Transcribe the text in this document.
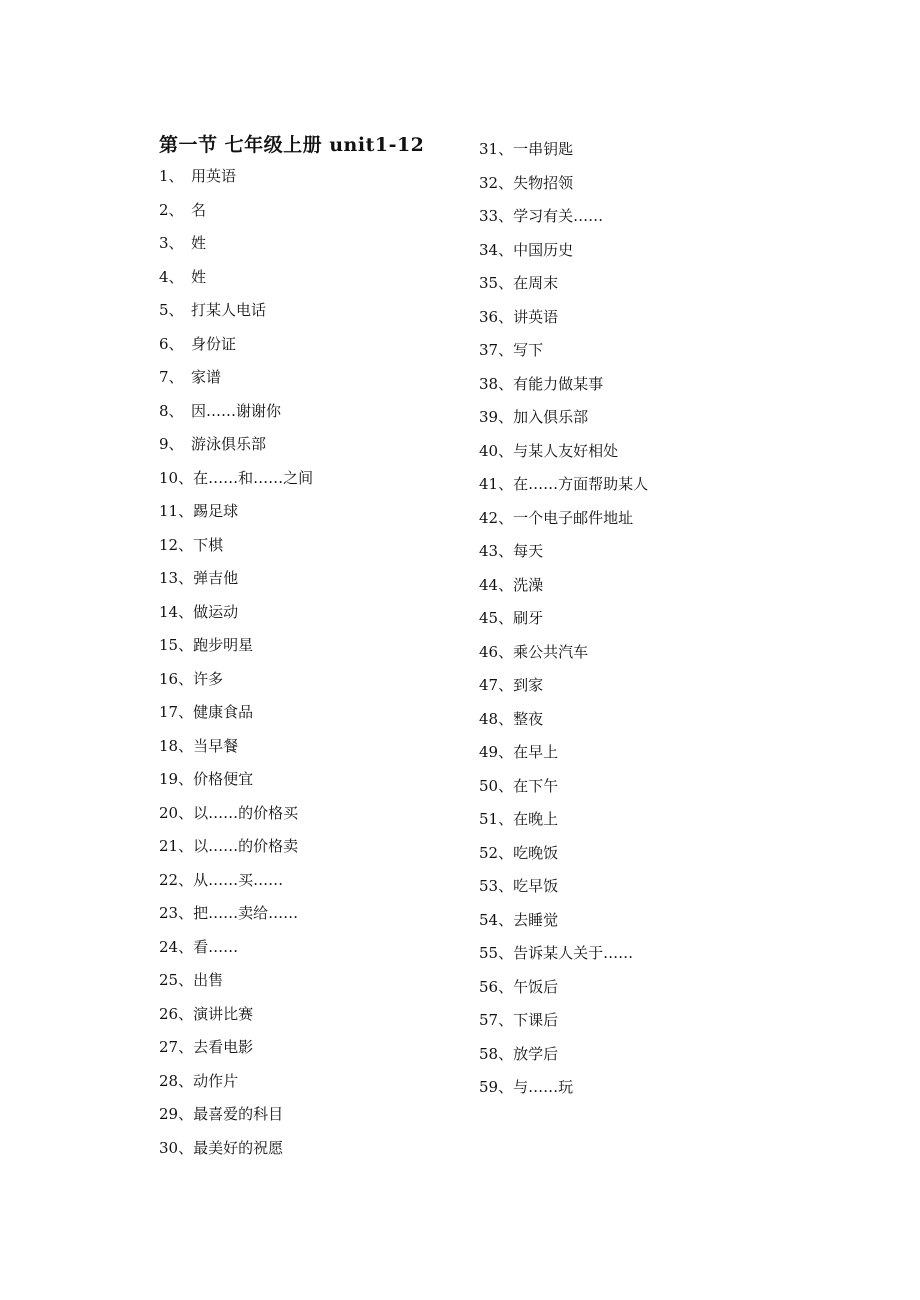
第一节 七年级上册 unit1-12
1、 用英语
2、 名
3、 姓
4、 姓
5、 打某人电话
6、 身份证
7、 家谱
8、 因……谢谢你
9、 游泳俱乐部
10、在……和……之间
11、踢足球
12、下棋
13、弹吉他
14、做运动
15、跑步明星
16、许多
17、健康食品
18、当早餐
19、价格便宜
20、以……的价格买
21、以……的价格卖
22、从……买……
23、把……卖给……
24、看……
25、出售
26、演讲比赛
27、去看电影
28、动作片
29、最喜爱的科目
30、最美好的祝愿
31、一串钥匙
32、失物招领
33、学习有关……
34、中国历史
35、在周末
36、讲英语
37、写下
38、有能力做某事
39、加入俱乐部
40、与某人友好相处
41、在……方面帮助某人
42、一个电子邮件地址
43、每天
44、洗澡
45、刷牙
46、乘公共汽车
47、到家
48、整夜
49、在早上
50、在下午
51、在晚上
52、吃晚饭
53、吃早饭
54、去睡觉
55、告诉某人关于……
56、午饭后
57、下课后
58、放学后
59、与……玩
